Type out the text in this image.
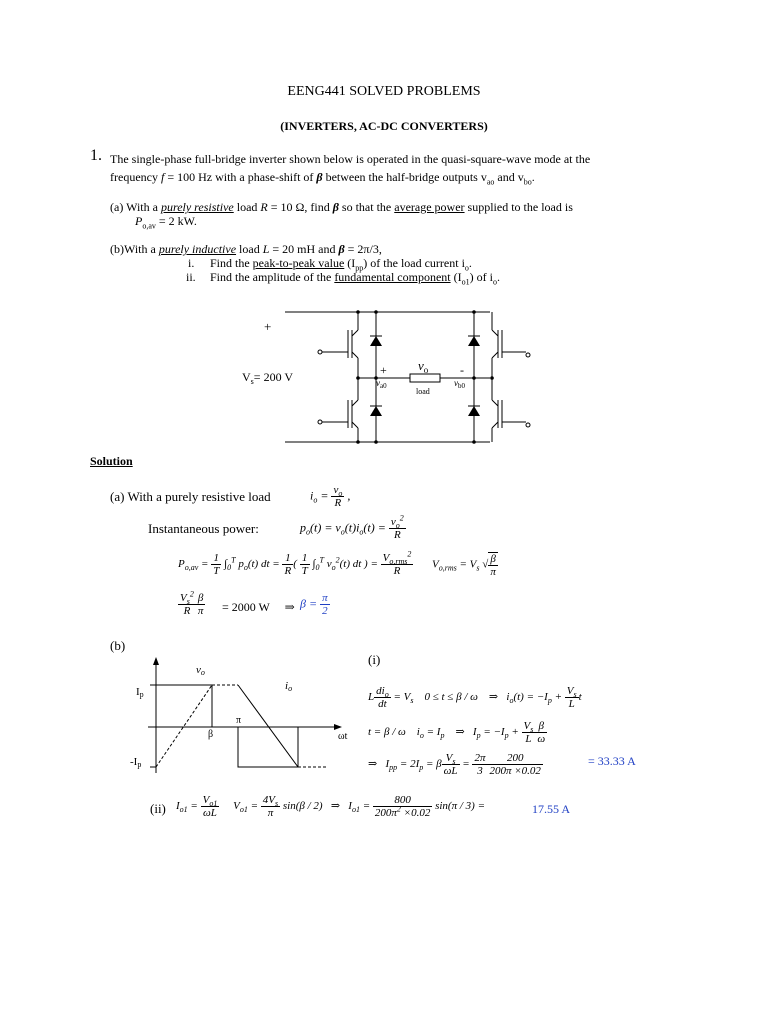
EENG441 SOLVED PROBLEMS
(INVERTERS, AC-DC CONVERTERS)
1. The single-phase full-bridge inverter shown below is operated in the quasi-square-wave mode at the
frequency f = 100 Hz with a phase-shift of β between the half-bridge outputs $v_{ao}$ and $v_{bo}$.
(a) With a purely resistive load R = 10 Ω, find β so that the average power supplied to the load is
$P_{o,av} = 2$ kW.
(b)With a purely inductive load L = 20 mH and β = 2π/3,
i. Find the peak-to-peak value $(I_{pp})$ of the load current $i_o$.
ii. Find the amplitude of the fundamental component $(I_{o1})$ of $i_o$.
+
$V_s= 200$ V
$v_o$
+	-
$v_{a0}$	$v_{b0}$
load
Solution
(a) With a purely resistive load	$i_o = \frac{v_o}{R}$ ,
Instantaneous power:	$p_o(t) = v_o(t)i_o(t) = \frac{v_o^2}{R}$
$P_{o,av} = \frac{1}{T} \int_0^T$ $p_o(t)$ dt = $\frac{1}{R}$ ( $\frac{1}{T} \int_0^T$ $v_o^2(t)$ dt ) = $\frac{V_{o,rms}^2}{R} V_{o,rms} = V_s$ √ $\frac{\beta}{\pi}$
$\frac{V_s^2}{R} \frac{\beta}{\pi} = 2000$ W ⇒ $\beta = \frac{\pi}{2}$
(b)
(i)
vo
io
Ip
-Ip
β
π
ωt
L $\frac{di_o}{dt} = V_s$    0 ≤ t ≤ β / ω    ⇒   $i_o(t) = -I_p + \frac{V_s}{L}$ t
t = β / ω    $i_o = I_p$    ⇒   $I_p = -I_p + \frac{V_s}{L} \frac{\beta}{\omega}$
⇒   $I_{pp} = 2I_p = \beta \frac{V_s}{\omega L} = \frac{2\pi}{3} \frac{200}{200\pi \times 0.02}$	= 33.33 A
(ii) $I_{o1} = \frac{V_{o1}}{\omega L} V_{o1} = \frac{4V_s}{\pi} \sin(\beta / 2)$   ⇒   $I_{o1} = \frac{800}{200\pi^2 \times 0.02} \sin(\pi / 3)$ =	17.55 A
